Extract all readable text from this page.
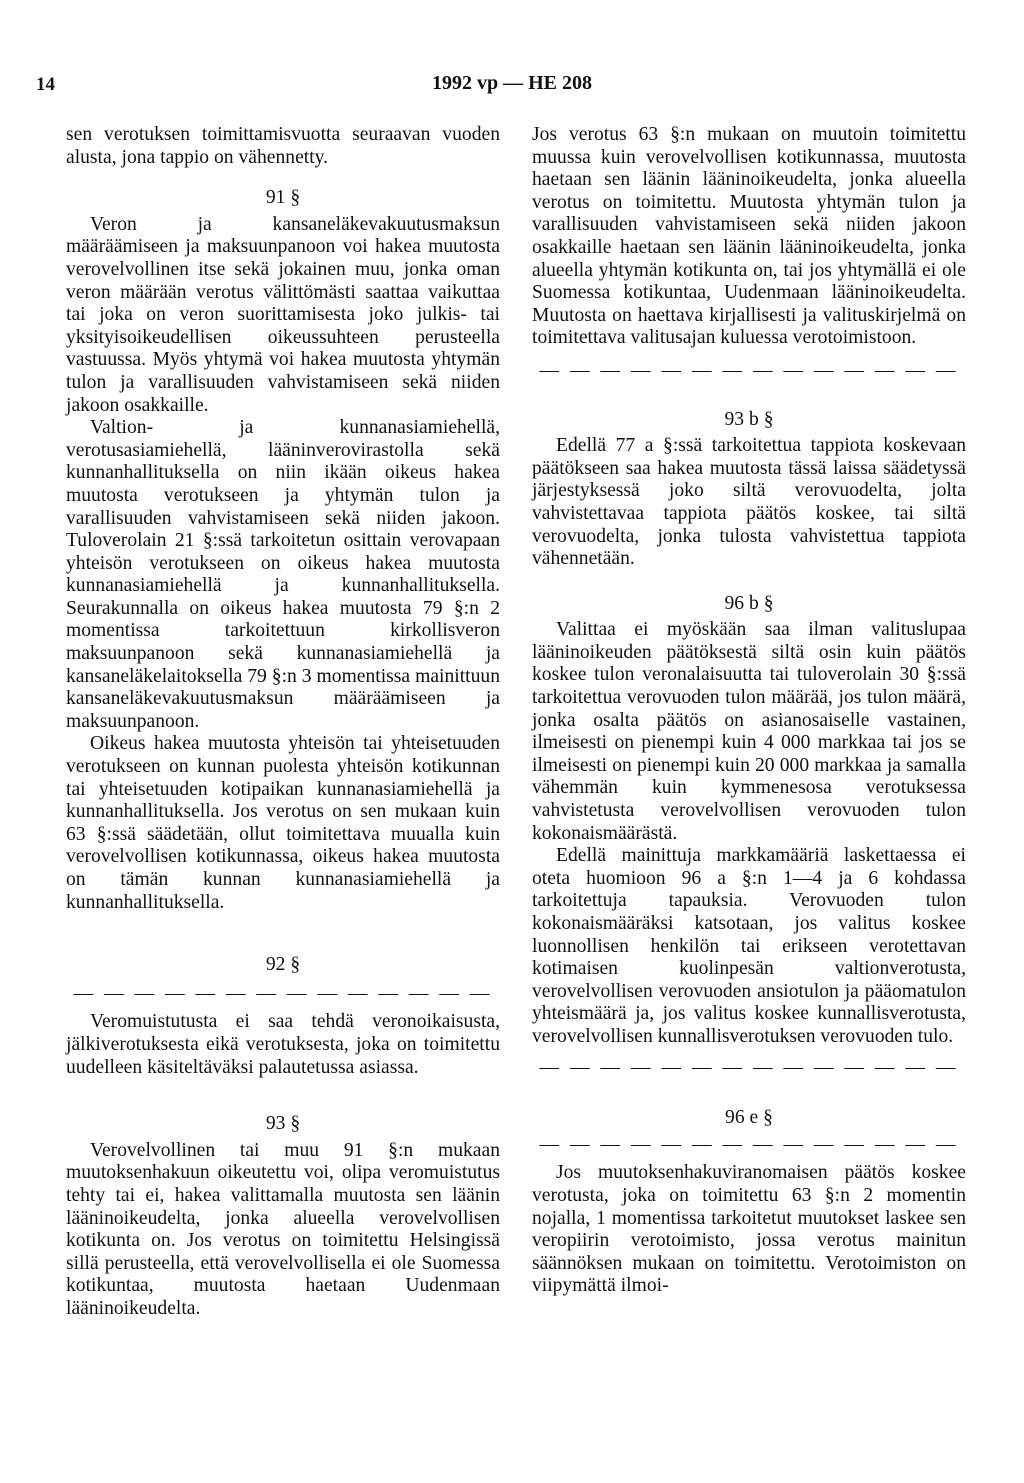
14	1992 vp — HE 208

sen verotuksen toimittamisvuotta seuraavan vuoden alusta, jona tappio on vähennetty.

91 §

Veron ja kansaneläkevakuutusmaksun määräämiseen ja maksuunpanoon voi hakea muutosta verovelvollinen itse sekä jokainen muu, jonka oman veron määrään verotus välittömästi saattaa vaikuttaa tai joka on veron suorittamisesta joko julkis- tai yksityisoikeudellisen oikeussuhteen perusteella vastuussa. Myös yhtymä voi hakea muutosta yhtymän tulon ja varallisuuden vahvistamiseen sekä niiden jakoon osakkaille.

Valtion- ja kunnanasiamiehellä, verotusasiamiehellä, lääninverovirastolla sekä kunnanhallituksella on niin ikään oikeus hakea muutosta verotukseen ja yhtymän tulon ja varallisuuden vahvistamiseen sekä niiden jakoon. Tuloverolain 21 §:ssä tarkoitetun osittain verovapaan yhteisön verotukseen on oikeus hakea muutosta kunnanasiamiehellä ja kunnanhallituksella. Seurakunnalla on oikeus hakea muutosta 79 §:n 2 momentissa tarkoitettuun kirkollisveron maksuunpanoon sekä kunnanasiamiehellä ja kansaneläkelaitoksella 79 §:n 3 momentissa mainittuun kansaneläkevakuutusmaksun määräämiseen ja maksuunpanoon.

Oikeus hakea muutosta yhteisön tai yhteisetuuden verotukseen on kunnan puolesta yhteisön kotikunnan tai yhteisetuuden kotipaikan kunnanasiamiehellä ja kunnanhallituksella. Jos verotus on sen mukaan kuin 63 §:ssä säädetään, ollut toimitettava muualla kuin verovelvollisen kotikunnassa, oikeus hakea muutosta on tämän kunnan kunnanasiamiehellä ja kunnanhallituksella.

92 §
— — — — — — — — — — — — — —

Veromuistutusta ei saa tehdä veronoikaisusta, jälkiverotuksesta eikä verotuksesta, joka on toimitettu uudelleen käsiteltäväksi palautetussa asiassa.

93 §

Verovelvollinen tai muu 91 §:n mukaan muutoksenhakuun oikeutettu voi, olipa veromuistutus tehty tai ei, hakea valittamalla muutosta sen läänin lääninoikeudelta, jonka alueella verovelvollisen kotikunta on. Jos verotus on toimitettu Helsingissä sillä perusteella, että verovelvollisella ei ole Suomessa kotikuntaa, muutosta haetaan Uudenmaan lääninoikeudelta.

Jos verotus 63 §:n mukaan on muutoin toimitettu muussa kuin verovelvollisen kotikunnassa, muutosta haetaan sen läänin lääninoikeudelta, jonka alueella verotus on toimitettu. Muutosta yhtymän tulon ja varallisuuden vahvistamiseen sekä niiden jakoon osakkaille haetaan sen läänin lääninoikeudelta, jonka alueella yhtymän kotikunta on, tai jos yhtymällä ei ole Suomessa kotikuntaa, Uudenmaan lääninoikeudelta. Muutosta on haettava kirjallisesti ja valituskirjelmä on toimitettava valitusajan kuluessa verotoimistoon.

— — — — — — — — — — — — — —
93 b §

Edellä 77 a §:ssä tarkoitettua tappiota koskevaan päätökseen saa hakea muutosta tässä laissa säädetyssä järjestyksessä joko siltä verovuodelta, jolta vahvistettavaa tappiota päätös koskee, tai siltä verovuodelta, jonka tulosta vahvistettua tappiota vähennetään.

96 b §

Valittaa ei myöskään saa ilman valituslupaa lääninoikeuden päätöksestä siltä osin kuin päätös koskee tulon veronalaisuutta tai tuloverolain 30 §:ssä tarkoitettua verovuoden tulon määrää, jos tulon määrä, jonka osalta päätös on asianosaiselle vastainen, ilmeisesti on pienempi kuin 4 000 markkaa tai jos se ilmeisesti on pienempi kuin 20 000 markkaa ja samalla vähemmän kuin kymmenesosa verotuksessa vahvistetusta verovelvollisen verovuoden tulon kokonaismäärästä.

Edellä mainittuja markkamääriä laskettaessa ei oteta huomioon 96 a §:n 1—4 ja 6 kohdassa tarkoitettuja tapauksia. Verovuoden tulon kokonaismääräksi katsotaan, jos valitus koskee luonnollisen henkilön tai erikseen verotettavan kotimaisen kuolinpesän valtionverotusta, verovelvollisen verovuoden ansiotulon ja pääomatulon yhteismäärä ja, jos valitus koskee kunnallisverotusta, verovelvollisen kunnallisverotuksen verovuoden tulo.

— — — — — — — — — — — — — —
96 e §
— — — — — — — — — — — — — —

Jos muutoksenhakuviranomaisen päätös koskee verotusta, joka on toimitettu 63 §:n 2 momentin nojalla, 1 momentissa tarkoitetut muutokset laskee sen veropiirin verotoimisto, jossa verotus mainitun säännöksen mukaan on toimitettu. Verotoimiston on viipymättä ilmoi-
